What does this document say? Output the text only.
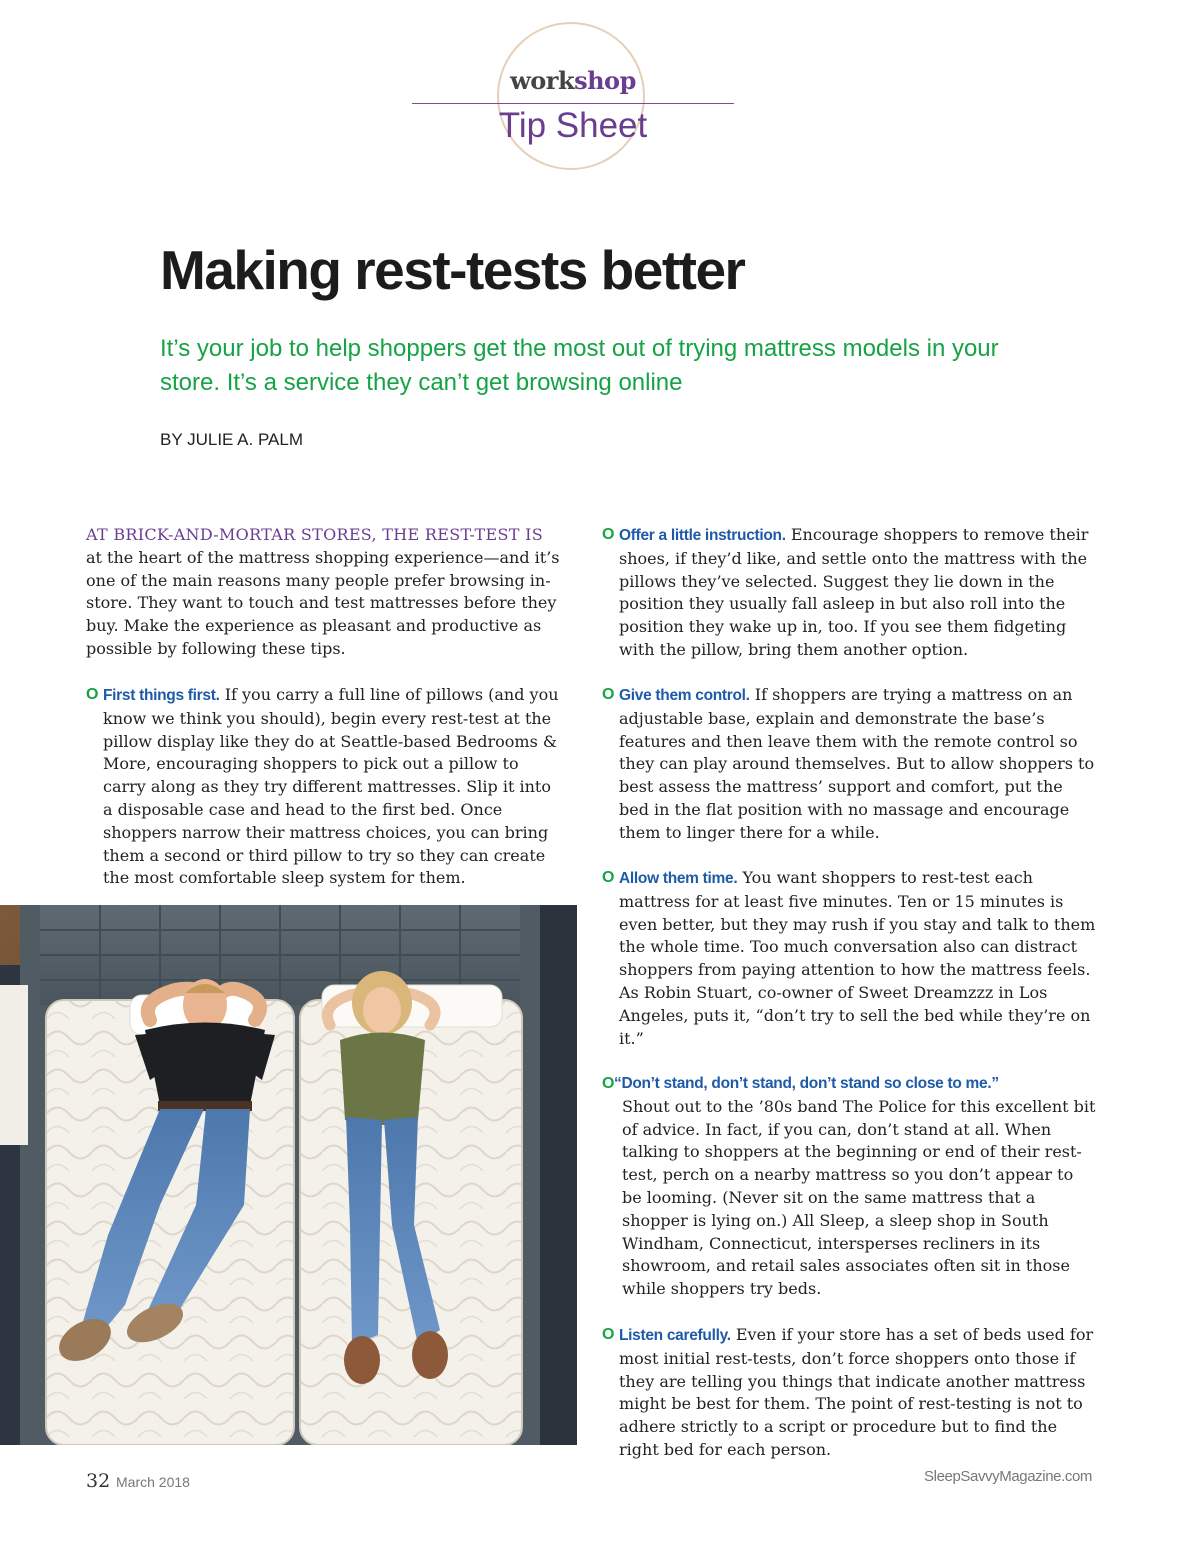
workshop
Tip Sheet
Making rest-tests better
It’s your job to help shoppers get the most out of trying mattress models in your store. It’s a service they can’t get browsing online
BY JULIE A. PALM

AT BRICK-AND-MORTAR STORES, THE REST-TEST IS at the heart of the mattress shopping experience—and it’s one of the main reasons many people prefer browsing in-store. They want to touch and test mattresses before they buy. Make the experience as pleasant and productive as possible by following these tips.

O First things first. If you carry a full line of pillows (and you know we think you should), begin every rest-test at the pillow display like they do at Seattle-based Bedrooms & More, encouraging shoppers to pick out a pillow to carry along as they try different mattresses. Slip it into a disposable case and head to the first bed. Once shoppers narrow their mattress choices, you can bring them a second or third pillow to try so they can create the most comfortable sleep system for them.

O Offer a little instruction. Encourage shoppers to remove their shoes, if they’d like, and settle onto the mattress with the pillows they’ve selected. Suggest they lie down in the position they usually fall asleep in but also roll into the position they wake up in, too. If you see them fidgeting with the pillow, bring them another option.

O Give them control. If shoppers are trying a mattress on an adjustable base, explain and demonstrate the base’s features and then leave them with the remote control so they can play around themselves. But to allow shoppers to best assess the mattress’ support and comfort, put the bed in the flat position with no massage and encourage them to linger there for a while.

O Allow them time. You want shoppers to rest-test each mattress for at least five minutes. Ten or 15 minutes is even better, but they may rush if you stay and talk to them the whole time. Too much conversation also can distract shoppers from paying attention to how the mattress feels. As Robin Stuart, co-owner of Sweet Dreamzzz in Los Angeles, puts it, “don’t try to sell the bed while they’re on it.”

O “Don’t stand, don’t stand, don’t stand so close to me.”
Shout out to the ’80s band The Police for this excellent bit of advice. In fact, if you can, don’t stand at all. When talking to shoppers at the beginning or end of their rest-test, perch on a nearby mattress so you don’t appear to be looming. (Never sit on the same mattress that a shopper is lying on.) All Sleep, a sleep shop in South Windham, Connecticut, intersperses recliners in its showroom, and retail sales associates often sit in those while shoppers try beds.

O Listen carefully. Even if your store has a set of beds used for most initial rest-tests, don’t force shoppers onto those if they are telling you things that indicate another mattress might be best for them. The point of rest-testing is not to adhere strictly to a script or procedure but to find the right bed for each person.

32 March 2018	SleepSavvyMagazine.com
